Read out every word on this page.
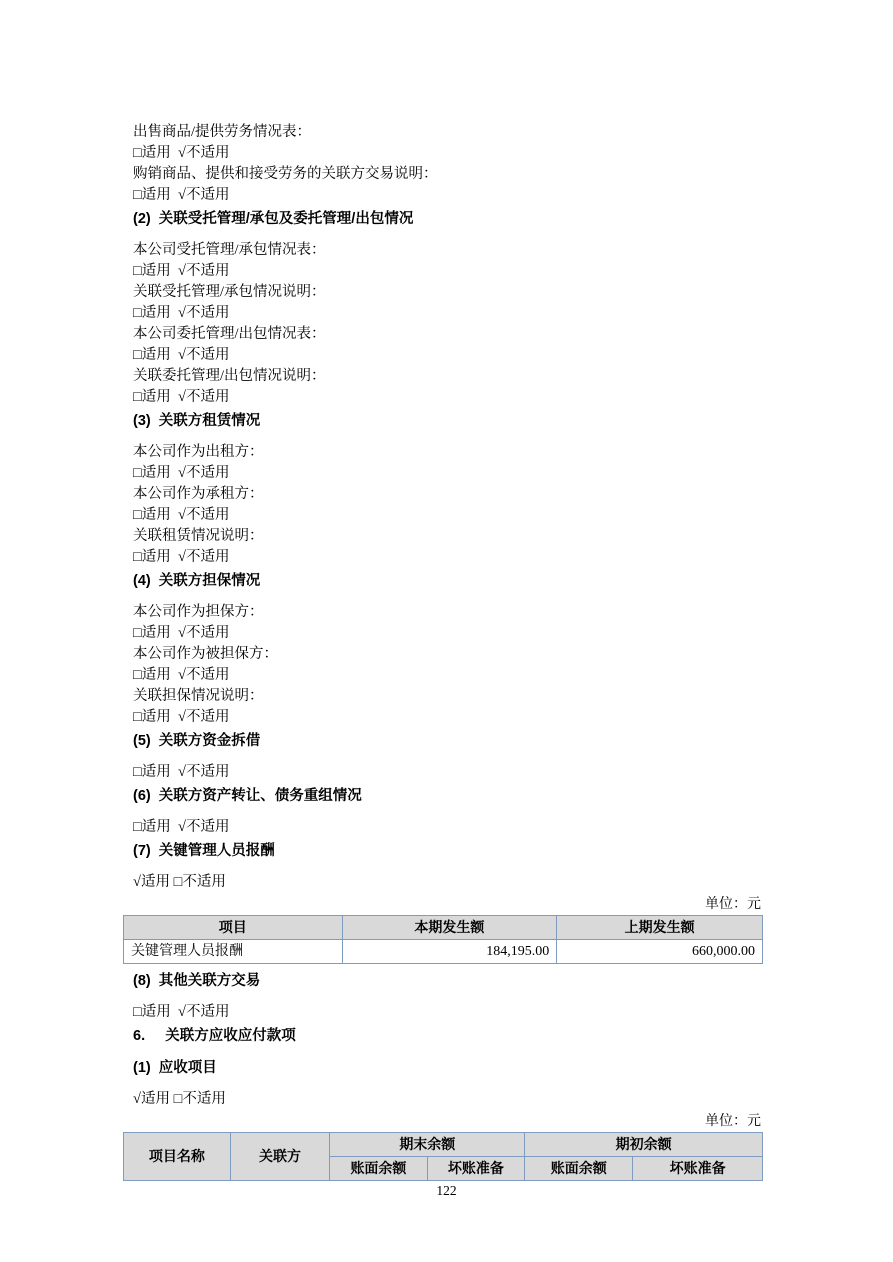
出售商品/提供劳务情况表：

□适用  √不适用

购销商品、提供和接受劳务的关联方交易说明：

□适用  √不适用

(2)  关联受托管理/承包及委托管理/出包情况

本公司受托管理/承包情况表：

□适用  √不适用

关联受托管理/承包情况说明：

□适用  √不适用

本公司委托管理/出包情况表：

□适用  √不适用

关联委托管理/出包情况说明：

□适用  √不适用

(3)  关联方租赁情况

本公司作为出租方：

□适用  √不适用

本公司作为承租方：

□适用  √不适用

关联租赁情况说明：

□适用  √不适用

(4)  关联方担保情况

本公司作为担保方：

□适用  √不适用

本公司作为被担保方：

□适用  √不适用

关联担保情况说明：

□适用  √不适用

(5)  关联方资金拆借

□适用  √不适用

(6)  关联方资产转让、债务重组情况

□适用  √不适用

(7)  关键管理人员报酬

√适用 □不适用

单位：元

项目	本期发生额	上期发生额
关键管理人员报酬	184,195.00	660,000.00
(8)  其他关联方交易

□适用  √不适用

6.     关联方应收应付款项
(1)  应收项目

√适用 □不适用

单位：元

项目名称	关联方	期末余额		期初余额	
		账面余额	坏账准备	账面余额	坏账准备
122
